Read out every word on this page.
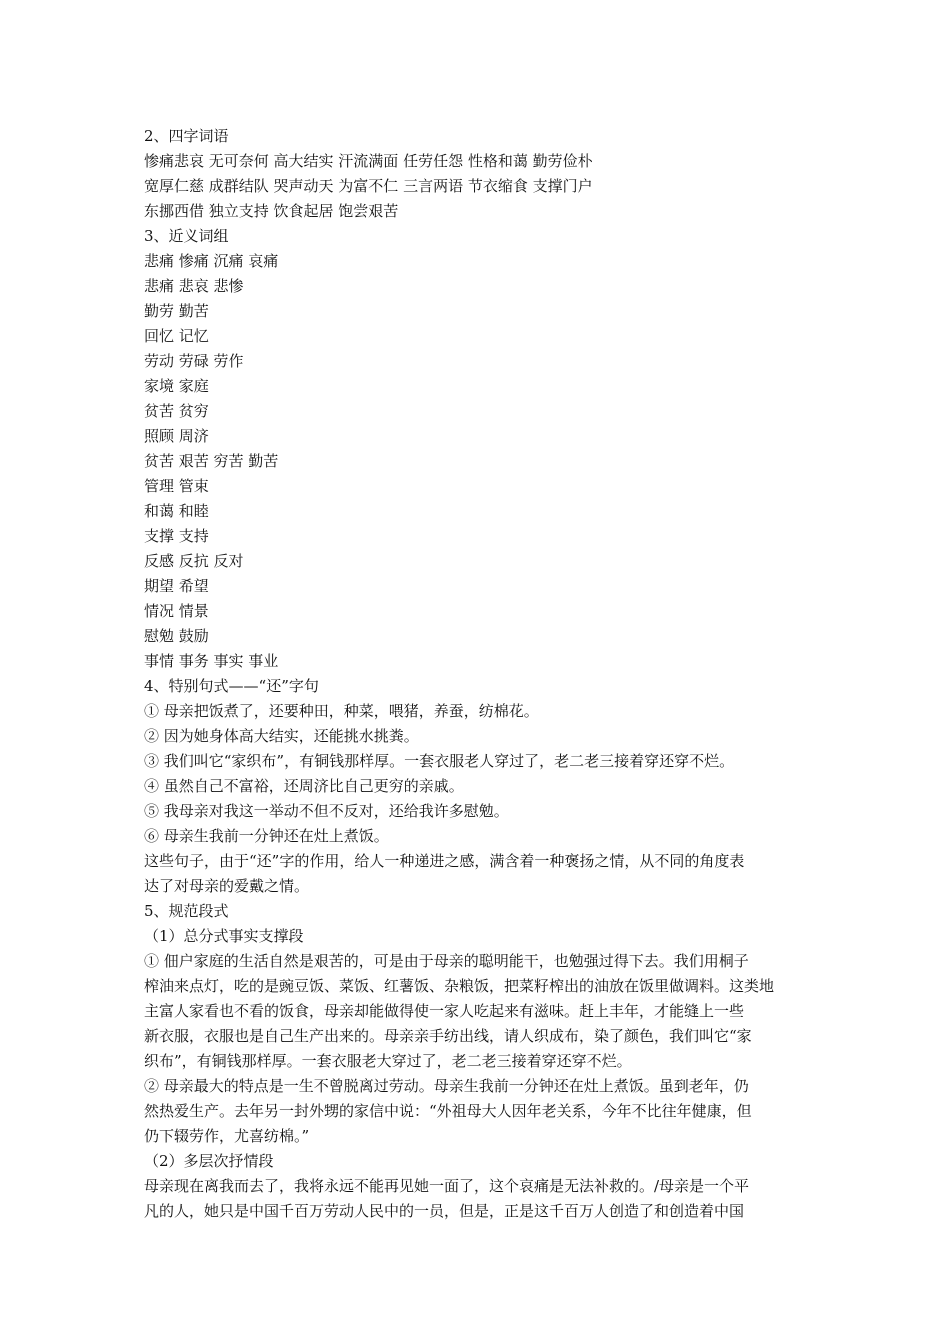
2、四字词语
惨痛悲哀 无可奈何 高大结实 汗流满面 任劳任怨 性格和蔼 勤劳俭朴
宽厚仁慈 成群结队 哭声动天 为富不仁 三言两语 节衣缩食 支撑门户
东挪西借 独立支持 饮食起居 饱尝艰苦
3、近义词组
悲痛 惨痛 沉痛 哀痛
悲痛 悲哀 悲惨
勤劳 勤苦
回忆 记忆
劳动 劳碌 劳作
家境 家庭
贫苦 贫穷
照顾 周济
贫苦 艰苦 穷苦 勤苦
管理 管束
和蔼 和睦
支撑 支持
反感 反抗 反对
期望 希望
情况 情景
慰勉 鼓励
事情 事务 事实 事业
4、特别句式——“还”字句
① 母亲把饭煮了，还要种田，种菜，喂猪，养蚕，纺棉花。
② 因为她身体高大结实，还能挑水挑粪。
③ 我们叫它“家织布”，有铜钱那样厚。一套衣服老人穿过了，老二老三接着穿还穿不烂。
④ 虽然自己不富裕，还周济比自己更穷的亲戚。
⑤ 我母亲对我这一举动不但不反对，还给我许多慰勉。
⑥ 母亲生我前一分钟还在灶上煮饭。
这些句子，由于“还”字的作用，给人一种递进之感，满含着一种褒扬之情，从不同的角度表
达了对母亲的爱戴之情。
5、规范段式
（1）总分式事实支撑段
① 佃户家庭的生活自然是艰苦的，可是由于母亲的聪明能干，也勉强过得下去。我们用桐子
榨油来点灯，吃的是豌豆饭、菜饭、红薯饭、杂粮饭，把菜籽榨出的油放在饭里做调料。这类地
主富人家看也不看的饭食，母亲却能做得使一家人吃起来有滋味。赶上丰年，才能缝上一些
新衣服，衣服也是自己生产出来的。母亲亲手纺出线，请人织成布，染了颜色，我们叫它“家
织布”，有铜钱那样厚。一套衣服老大穿过了，老二老三接着穿还穿不烂。
② 母亲最大的特点是一生不曾脱离过劳动。母亲生我前一分钟还在灶上煮饭。虽到老年，仍
然热爱生产。去年另一封外甥的家信中说：“外祖母大人因年老关系，今年不比往年健康，但
仍下辍劳作，尤喜纺棉。”
（2）多层次抒情段
母亲现在离我而去了，我将永远不能再见她一面了，这个哀痛是无法补救的。/母亲是一个平
凡的人，她只是中国千百万劳动人民中的一员，但是，正是这千百万人创造了和创造着中国
